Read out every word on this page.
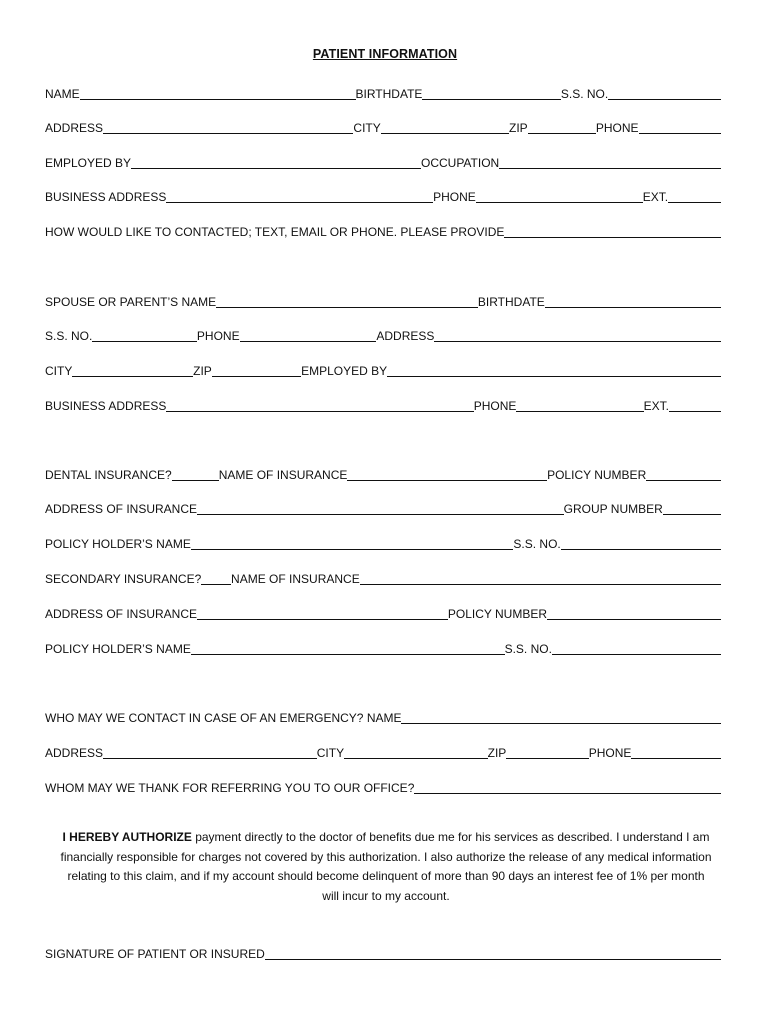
PATIENT INFORMATION
NAME	BIRTHDATE	S.S. NO.
ADDRESS	CITY	ZIP	PHONE
EMPLOYED BY	OCCUPATION
BUSINESS ADDRESS	PHONE	EXT.
HOW WOULD LIKE TO CONTACTED; TEXT, EMAIL OR PHONE. PLEASE PROVIDE
SPOUSE OR PARENT’S NAME	BIRTHDATE
S.S. NO.	PHONE	ADDRESS
CITY	ZIP	EMPLOYED BY
BUSINESS ADDRESS	PHONE	EXT.
DENTAL INSURANCE?	NAME OF INSURANCE	POLICY NUMBER
ADDRESS OF INSURANCE	GROUP NUMBER
POLICY HOLDER’S NAME	S.S. NO.
SECONDARY INSURANCE? NAME OF INSURANCE
ADDRESS OF INSURANCE	POLICY NUMBER
POLICY HOLDER’S NAME	S.S. NO.
WHO MAY WE CONTACT IN CASE OF AN EMERGENCY? NAME
ADDRESS	CITY	ZIP	PHONE
WHOM MAY WE THANK FOR REFERRING YOU TO OUR OFFICE?
I HEREBY AUTHORIZE payment directly to the doctor of benefits due me for his services as described. I understand I am financially responsible for charges not covered by this authorization. I also authorize the release of any medical information relating to this claim, and if my account should become delinquent of more than 90 days an interest fee of 1% per month will incur to my account.
SIGNATURE OF PATIENT OR INSURED
